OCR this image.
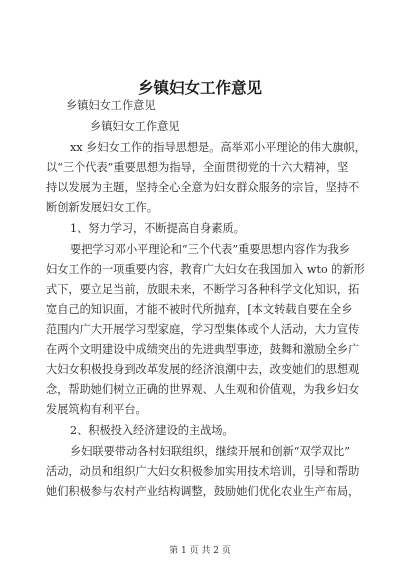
乡镇妇女工作意见
乡镇妇女工作意见
乡镇妇女工作意见
xx 乡妇女工作的指导思想是。高举邓小平理论的伟大旗帜，
以“三个代表”重要思想为指导，全面贯彻党的十六大精神，坚
持以发展为主题，坚持全心全意为妇女群众服务的宗旨，坚持不
断创新发展妇女工作。
1、努力学习，不断提高自身素质。
要把学习邓小平理论和“三个代表”重要思想内容作为我乡
妇女工作的一项重要内容，教育广大妇女在我国加入 wto 的新形
式下，要立足当前，放眼未来，不断学习各种科学文化知识，拓
宽自己的知识面，才能不被时代所抛弃，[本文转载自要在全乡
范围内广大开展学习型家庭，学习型集体或个人活动，大力宣传
在两个文明建设中成绩突出的先进典型事迹，鼓舞和激励全乡广
大妇女积极投身到改革发展的经济浪潮中去，改变她们的思想观
念，帮助她们树立正确的世界观、人生观和价值观，为我乡妇女
发展筑构有利平台。
2、积极投入经济建设的主战场。
乡妇联要带动各村妇联组织，继续开展和创新“双学双比”
活动，动员和组织广大妇女积极参加实用技术培训，引导和帮助
她们积极参与农村产业结构调整，鼓励她们优化农业生产布局，
第 1 页 共 2 页
